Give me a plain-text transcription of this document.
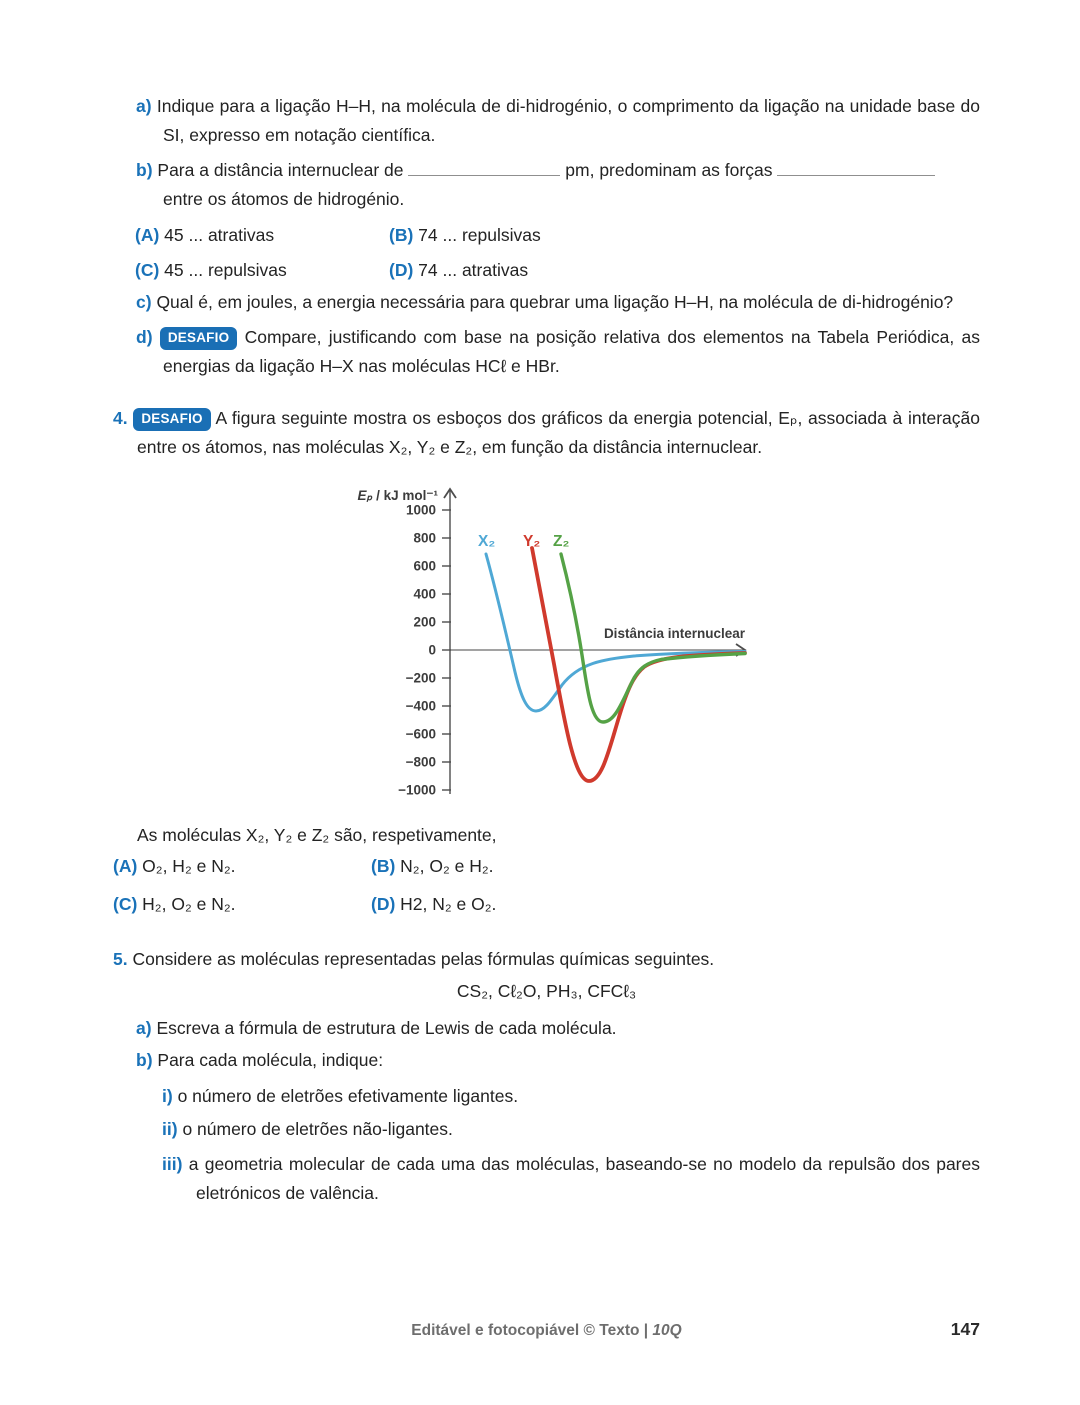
a) Indique para a ligação H–H, na molécula de di-hidrogénio, o comprimento da ligação na unidade base do SI, expresso em notação científica.
b) Para a distância internuclear de	pm, predominam as forças
entre os átomos de hidrogénio.
(A) 45 ... atrativas	(B) 74 ... repulsivas
(C) 45 ... repulsivas	(D) 74 ... atrativas
c) Qual é, em joules, a energia necessária para quebrar uma ligação H–H, na molécula de di-hidrogénio?
d) DESAFIO Compare, justificando com base na posição relativa dos elementos na Tabela Periódica, as energias da ligação H–X nas moléculas HCℓ e HBr.
4. DESAFIO A figura seguinte mostra os esboços dos gráficos da energia potencial, Eₚ, associada à interação entre os átomos, nas moléculas X₂, Y₂ e Z₂, em função da distância internuclear.
1000
800
600
400
200
0
−200
−400
−600
−800
−1000
Eₚ / kJ mol⁻¹
Distância internuclear
X₂ Y₂ Z₂
As moléculas X₂, Y₂ e Z₂ são, respetivamente,
(A) O₂, H₂ e N₂.	(B) N₂, O₂ e H₂.
(C) H₂, O₂ e N₂.	(D) H2, N₂ e O₂.
5. Considere as moléculas representadas pelas fórmulas químicas seguintes.
CS₂, Cℓ₂O, PH₃, CFCℓ₃
a) Escreva a fórmula de estrutura de Lewis de cada molécula.
b) Para cada molécula, indique:
i) o número de eletrões efetivamente ligantes.
ii) o número de eletrões não-ligantes.
iii) a geometria molecular de cada uma das moléculas, baseando-se no modelo da repulsão dos pares eletrónicos de valência.
Editável e fotocopiável © Texto | 10Q	147
